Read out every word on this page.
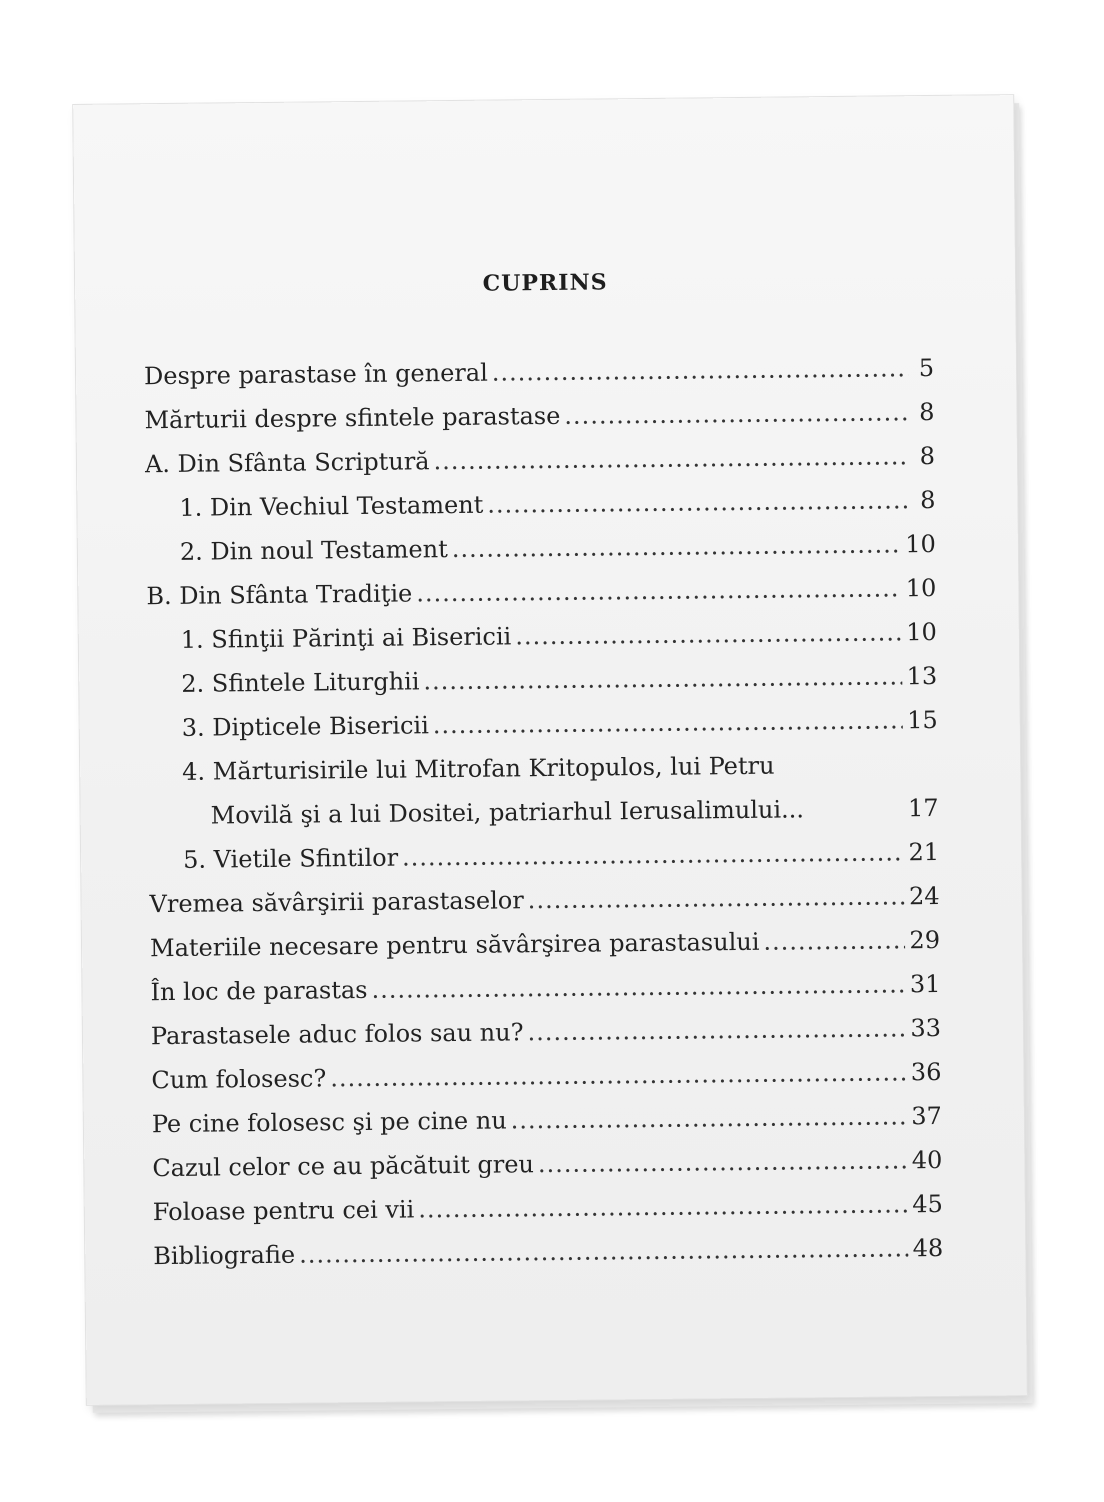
CUPRINS
Despre parastase în general .....	5
Mărturii despre sfintele parastase .....	8
A. Din Sfânta Scriptură .....	8
1. Din Vechiul Testament .....	8
2. Din noul Testament .....	10
B. Din Sfânta Tradiţie .....	10
1. Sfinţii Părinţi ai Bisericii .....	10
2. Sfintele Liturghii .....	13
3. Dipticele Bisericii .....	15
4. Mărturisirile lui Mitrofan Kritopulos, lui Petru
Movilă şi a lui Dositei, patriarhul Ierusalimului...	17
5. Vietile Sfintilor .....	21
Vremea săvârşirii parastaselor .....	24
Materiile necesare pentru săvârşirea parastasului .....	29
În loc de parastas .....	31
Parastasele aduc folos sau nu? .....	33
Cum folosesc? .....	36
Pe cine folosesc şi pe cine nu .....	37
Cazul celor ce au păcătuit greu .....	40
Foloase pentru cei vii .....	45
Bibliografie .....	48
